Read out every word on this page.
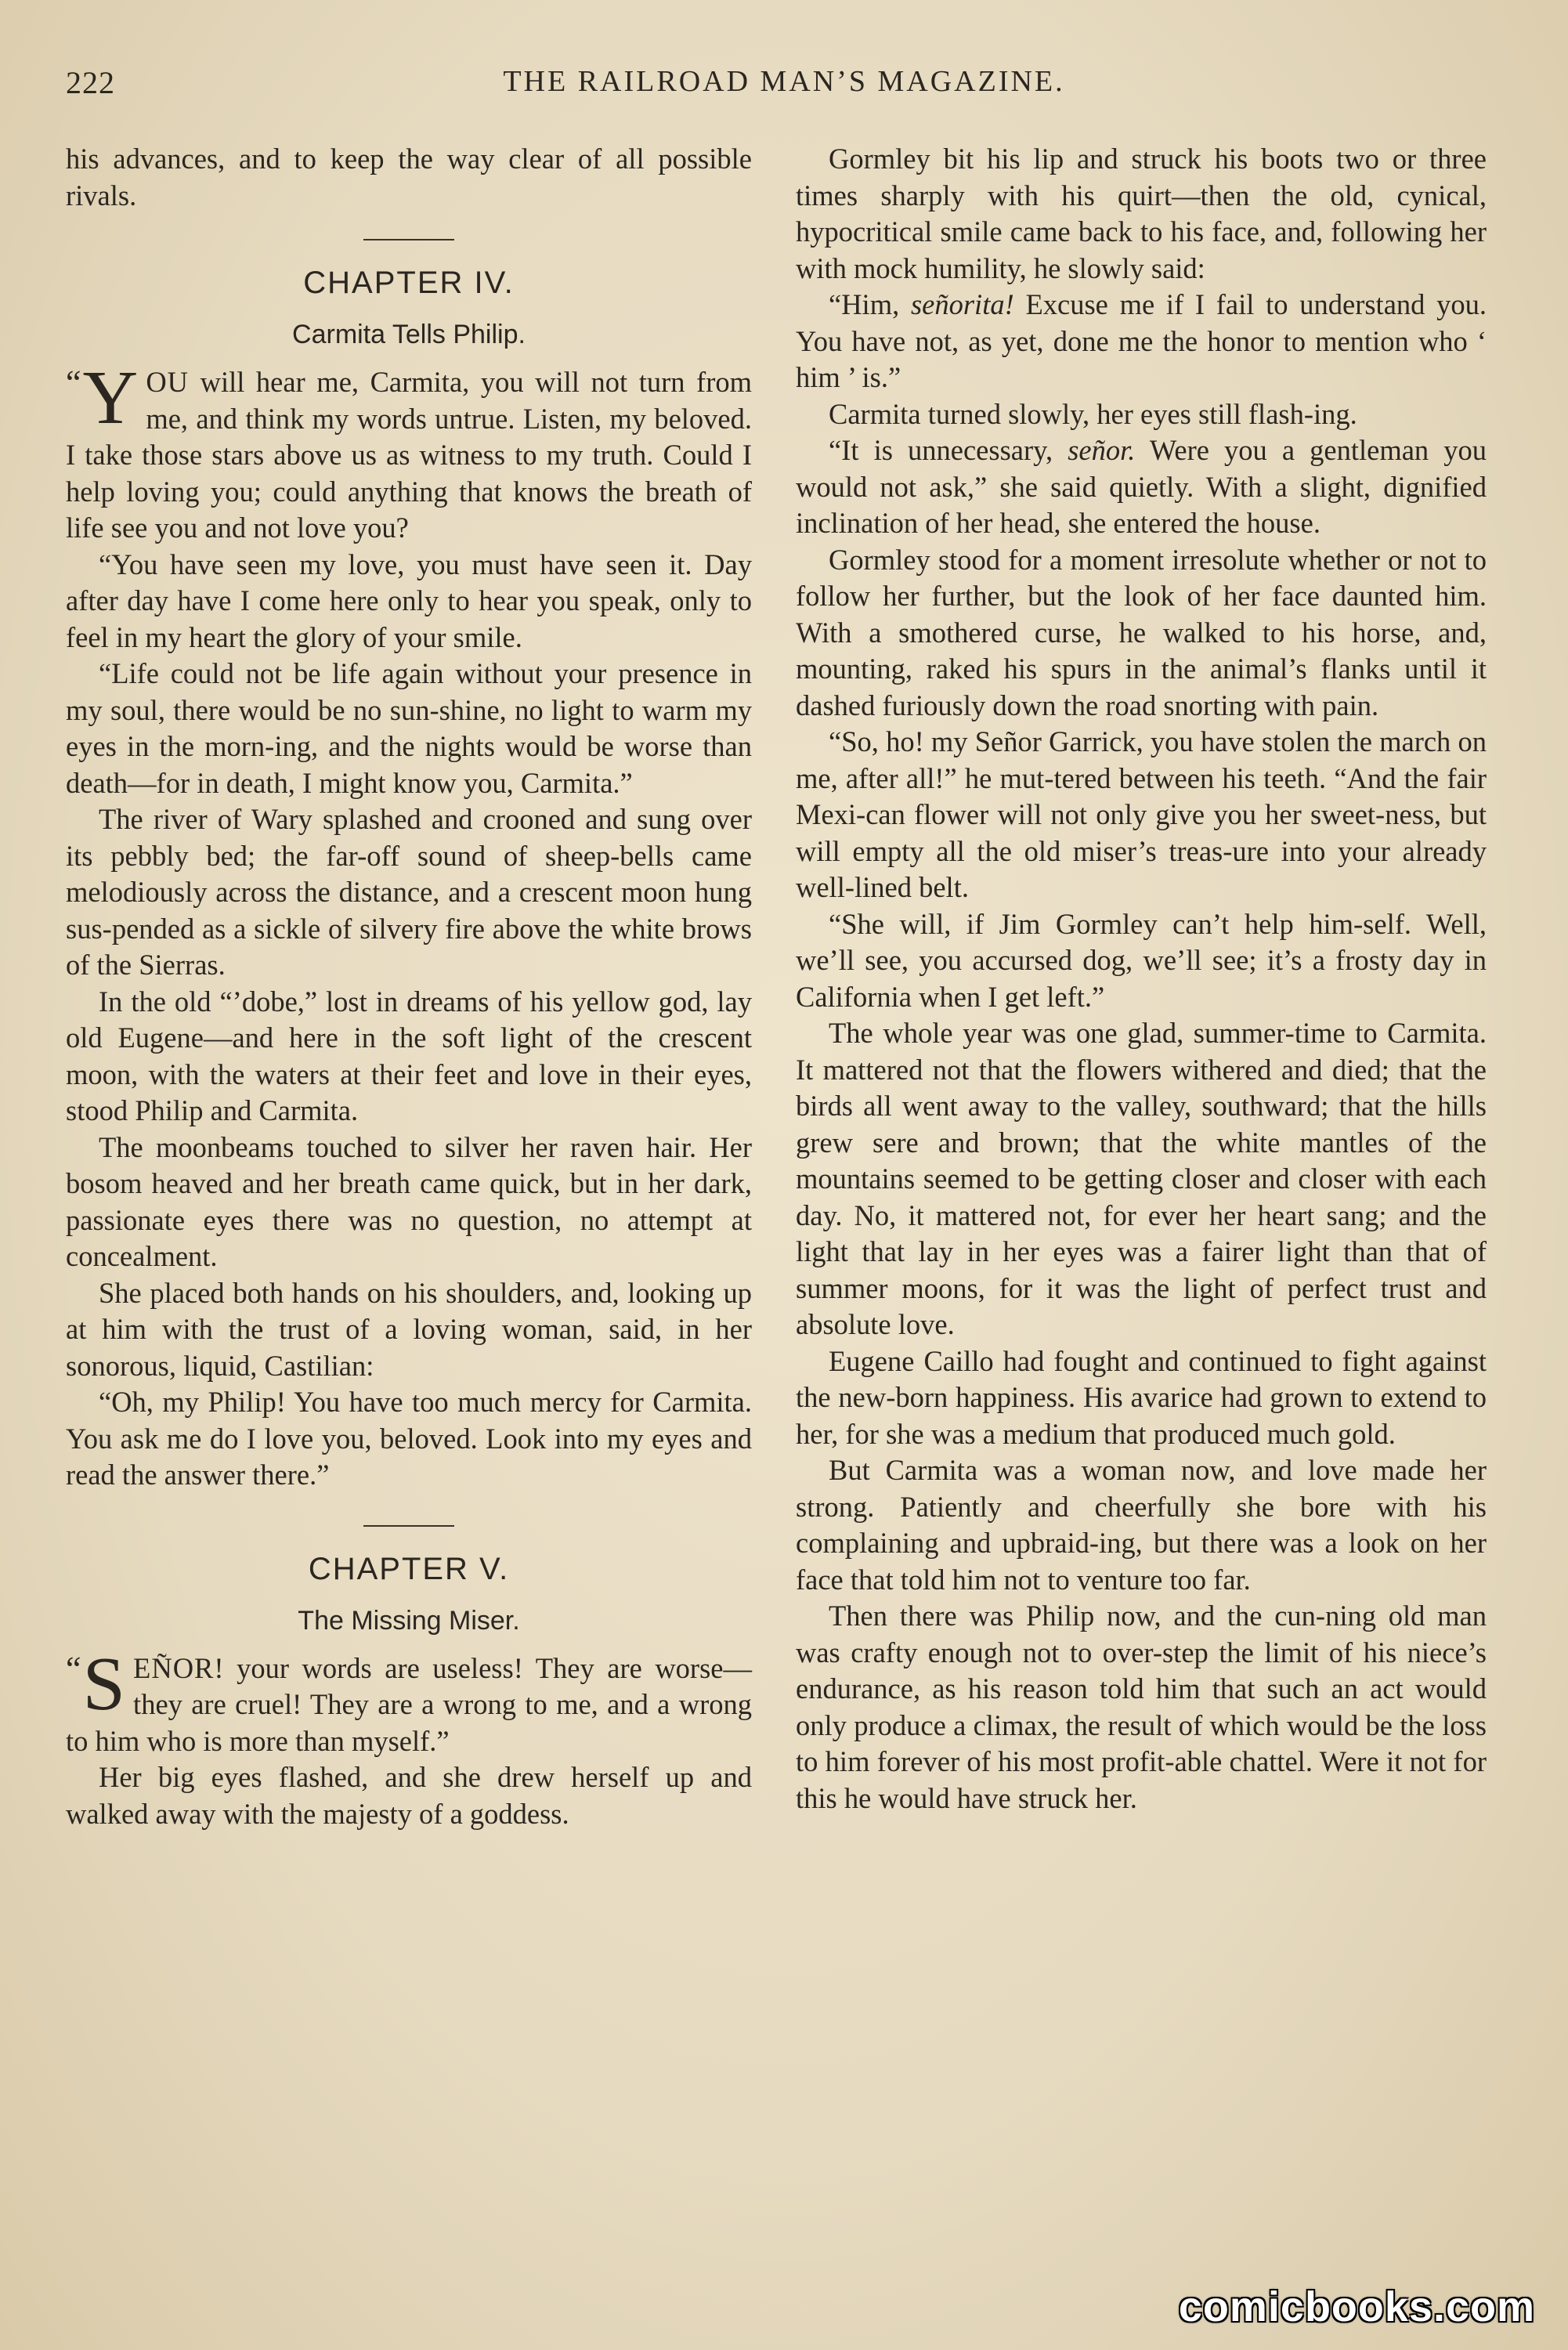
222	THE RAILROAD MAN’S MAGAZINE.

his advances, and to keep the way clear of all possible rivals.

CHAPTER IV.
Carmita Tells Philip.

“ Y OU will hear me, Carmita, you will not turn from me, and think my words untrue. Listen, my beloved. I take those stars above us as witness to my truth. Could I help loving you; could anything that knows the breath of life see you and not love you?

“You have seen my love, you must have seen it. Day after day have I come here only to hear you speak, only to feel in my heart the glory of your smile.

“Life could not be life again without your presence in my soul, there would be no sun-shine, no light to warm my eyes in the morn-ing, and the nights would be worse than death—for in death, I might know you, Carmita.”

The river of Wary splashed and crooned and sung over its pebbly bed; the far-off sound of sheep-bells came melodiously across the distance, and a crescent moon hung sus-pended as a sickle of silvery fire above the white brows of the Sierras.

In the old “’dobe,” lost in dreams of his yellow god, lay old Eugene—and here in the soft light of the crescent moon, with the waters at their feet and love in their eyes, stood Philip and Carmita.

The moonbeams touched to silver her raven hair. Her bosom heaved and her breath came quick, but in her dark, passionate eyes there was no question, no attempt at concealment.

She placed both hands on his shoulders, and, looking up at him with the trust of a loving woman, said, in her sonorous, liquid, Castilian:

“Oh, my Philip! You have too much mercy for Carmita. You ask me do I love you, beloved. Look into my eyes and read the answer there.”

CHAPTER V.
The Missing Miser.

“ S EÑOR! your words are useless! They are worse—they are cruel! They are a wrong to me, and a wrong to him who is more than myself.”

Her big eyes flashed, and she drew herself up and walked away with the majesty of a goddess.

Gormley bit his lip and struck his boots two or three times sharply with his quirt—then the old, cynical, hypocritical smile came back to his face, and, following her with mock humility, he slowly said:

“Him, señorita! Excuse me if I fail to understand you. You have not, as yet, done me the honor to mention who ‘ him ’ is.”

Carmita turned slowly, her eyes still flash-ing.

“It is unnecessary, señor. Were you a gentleman you would not ask,” she said quietly. With a slight, dignified inclination of her head, she entered the house.

Gormley stood for a moment irresolute whether or not to follow her further, but the look of her face daunted him. With a smothered curse, he walked to his horse, and, mounting, raked his spurs in the animal’s flanks until it dashed furiously down the road snorting with pain.

“So, ho! my Señor Garrick, you have stolen the march on me, after all!” he mut-tered between his teeth. “And the fair Mexi-can flower will not only give you her sweet-ness, but will empty all the old miser’s treas-ure into your already well-lined belt.

“She will, if Jim Gormley can’t help him-self. Well, we’ll see, you accursed dog, we’ll see; it’s a frosty day in California when I get left.”

The whole year was one glad, summer-time to Carmita. It mattered not that the flowers withered and died; that the birds all went away to the valley, southward; that the hills grew sere and brown; that the white mantles of the mountains seemed to be getting closer and closer with each day. No, it mattered not, for ever her heart sang; and the light that lay in her eyes was a fairer light than that of summer moons, for it was the light of perfect trust and absolute love.

Eugene Caillo had fought and continued to fight against the new-born happiness. His avarice had grown to extend to her, for she was a medium that produced much gold.

But Carmita was a woman now, and love made her strong. Patiently and cheerfully she bore with his complaining and upbraid-ing, but there was a look on her face that told him not to venture too far.

Then there was Philip now, and the cun-ning old man was crafty enough not to over-step the limit of his niece’s endurance, as his reason told him that such an act would only produce a climax, the result of which would be the loss to him forever of his most profit-able chattel. Were it not for this he would have struck her.

comicbooks.com
